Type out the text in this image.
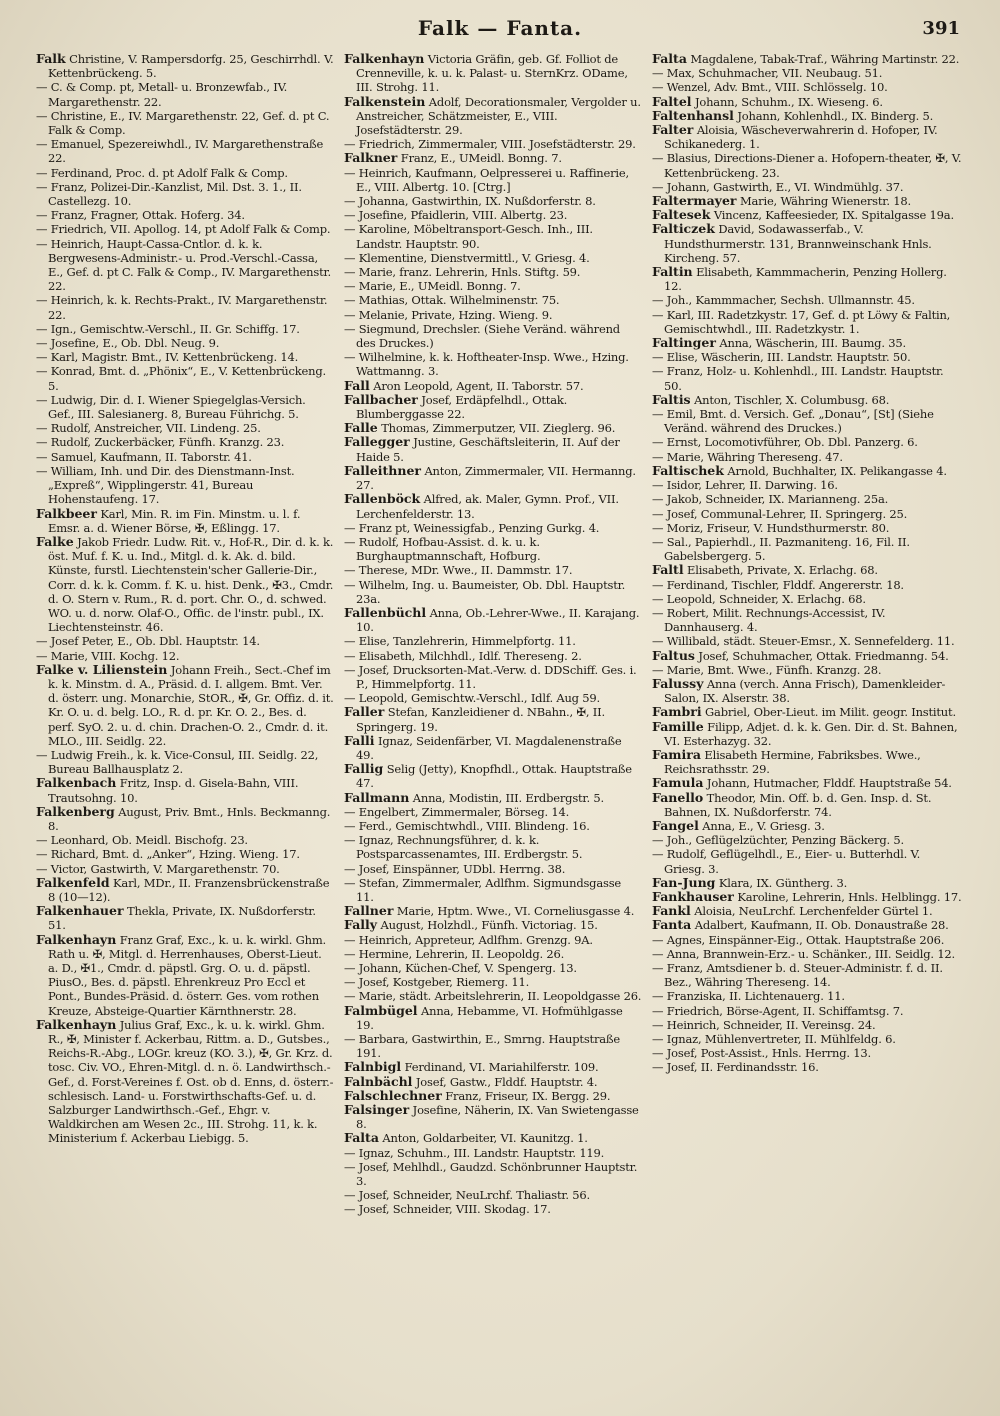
Falk — Fanta.	391

Falk Christine, V. Rampersdorfg. 25, Geschirrhdl. V. Kettenbrückeng. 5.

— C. & Comp. pt, Metall- u. Bronzewfab., IV. Margarethenstr. 22.

— Christine, E., IV. Margarethenstr. 22, Gef. d. pt C. Falk & Comp.

— Emanuel, Spezereiwhdl., IV. Margarethenstraße 22.

— Ferdinand, Proc. d. pt Adolf Falk & Comp.

— Franz, Polizei-Dir.-Kanzlist, Mil. Dst. 3. 1., II. Castellezg. 10.

— Franz, Fragner, Ottak. Hoferg. 34.

— Friedrich, VII. Apollog. 14, pt Adolf Falk & Comp.

— Heinrich, Haupt-Cassa-Cntlor. d. k. k. Bergwesens-Administr.- u. Prod.-Verschl.-Cassa, E., Gef. d. pt C. Falk & Comp., IV. Margarethenstr. 22.

— Heinrich, k. k. Rechts-Prakt., IV. Margarethenstr. 22.

— Ign., Gemischtw.-Verschl., II. Gr. Schiffg. 17.

— Josefine, E., Ob. Dbl. Neug. 9.

— Karl, Magistr. Bmt., IV. Kettenbrückeng. 14.

— Konrad, Bmt. d. „Phönix“, E., V. Kettenbrückeng. 5.

— Ludwig, Dir. d. I. Wiener Spiegelglas-Versich. Gef., III. Salesianerg. 8, Bureau Führichg. 5.

— Rudolf, Anstreicher, VII. Lindeng. 25.

— Rudolf, Zuckerbäcker, Fünfh. Kranzg. 23.

— Samuel, Kaufmann, II. Taborstr. 41.

— William, Inh. und Dir. des Dienstmann-Inst. „Expreß“, Wipplingerstr. 41, Bureau Hohenstaufeng. 17.

Falkbeer Karl, Min. R. im Fin. Minstm. u. l. f. Emsr. a. d. Wiener Börse, ✠, Eßlingg. 17.

Falke Jakob Friedr. Ludw. Rit. v., Hof-R., Dir. d. k. k. öst. Muf. f. K. u. Ind., Mitgl. d. k. Ak. d. bild. Künste, furstl. Liechtenstein'scher Gallerie-Dir., Corr. d. k. k. Comm. f. K. u. hist. Denk., ✠3., Cmdr. d. O. Stern v. Rum., R. d. port. Chr. O., d. schwed. WO. u. d. norw. Olaf-O., Offic. de l'instr. publ., IX. Liechtensteinstr. 46.

— Josef Peter, E., Ob. Dbl. Hauptstr. 14.

— Marie, VIII. Kochg. 12.

Falke v. Lilienstein Johann Freih., Sect.-Chef im k. k. Minstm. d. A., Präsid. d. I. allgem. Bmt. Ver. d. österr. ung. Monarchie, StOR., ✠, Gr. Offiz. d. it. Kr. O. u. d. belg. LO., R. d. pr. Kr. O. 2., Bes. d. perf. SyO. 2. u. d. chin. Drachen-O. 2., Cmdr. d. it. MLO., III. Seidlg. 22.

— Ludwig Freih., k. k. Vice-Consul, III. Seidlg. 22, Bureau Ballhausplatz 2.

Falkenbach Fritz, Insp. d. Gisela-Bahn, VIII. Trautsohng. 10.

Falkenberg August, Priv. Bmt., Hnls. Beckmanng. 8.

— Leonhard, Ob. Meidl. Bischofg. 23.

— Richard, Bmt. d. „Anker“, Hzing. Wieng. 17.

— Victor, Gastwirth, V. Margarethenstr. 70.

Falkenfeld Karl, MDr., II. Franzensbrückenstraße 8 (10—12).

Falkenhauer Thekla, Private, IX. Nußdorferstr. 51.

Falkenhayn Franz Graf, Exc., k. u. k. wirkl. Ghm. Rath u. ✠, Mitgl. d. Herrenhauses, Oberst-Lieut. a. D., ✠1., Cmdr. d. päpstl. Grg. O. u. d. päpstl. PiusO., Bes. d. päpstl. Ehrenkreuz Pro Eccl et Pont., Bundes-Präsid. d. österr. Ges. vom rothen Kreuze, Absteige-Quartier Kärnthnerstr. 28.

Falkenhayn Julius Graf, Exc., k. u. k. wirkl. Ghm. R., ✠, Minister f. Ackerbau, Rittm. a. D., Gutsbes., Reichs-R.-Abg., LOGr. kreuz (KO. 3.), ✠, Gr. Krz. d. tosc. Civ. VO., Ehren-Mitgl. d. n. ö. Landwirthsch.-Gef., d. Forst-Vereines f. Ost. ob d. Enns, d. österr.-schlesisch. Land- u. Forstwirthschafts-Gef. u. d. Salzburger Landwirthsch.-Gef., Ehgr. v. Waldkirchen am Wesen 2c., III. Strohg. 11, k. k. Ministerium f. Ackerbau Liebigg. 5.

Falkenhayn Victoria Gräfin, geb. Gf. Folliot de Crenneville, k. u. k. Palast- u. SternKrz. ODame, III. Strohg. 11.

Falkenstein Adolf, Decorationsmaler, Vergolder u. Anstreicher, Schätzmeister, E., VIII. Josefstädterstr. 29.

— Friedrich, Zimmermaler, VIII. Josefstädterstr. 29.

Falkner Franz, E., UMeidl. Bonng. 7.

— Heinrich, Kaufmann, Oelpresserei u. Raffinerie, E., VIII. Albertg. 10. [Ctrg.]

— Johanna, Gastwirthin, IX. Nußdorferstr. 8.

— Josefine, Pfaidlerin, VIII. Albertg. 23.

— Karoline, Möbeltransport-Gesch. Inh., III. Landstr. Hauptstr. 90.

— Klementine, Dienstvermittl., V. Griesg. 4.

— Marie, franz. Lehrerin, Hnls. Stiftg. 59.

— Marie, E., UMeidl. Bonng. 7.

— Mathias, Ottak. Wilhelminenstr. 75.

— Melanie, Private, Hzing. Wieng. 9.

— Siegmund, Drechsler. (Siehe Veränd. während des Druckes.)

— Wilhelmine, k. k. Hoftheater-Insp. Wwe., Hzing. Wattmanng. 3.

Fall Aron Leopold, Agent, II. Taborstr. 57.

Fallbacher Josef, Erdäpfelhdl., Ottak. Blumberggasse 22.

Falle Thomas, Zimmerputzer, VII. Zieglerg. 96.

Fallegger Justine, Geschäftsleiterin, II. Auf der Haide 5.

Falleithner Anton, Zimmermaler, VII. Hermanng. 27.

Fallenböck Alfred, ak. Maler, Gymn. Prof., VII. Lerchenfelderstr. 13.

— Franz pt, Weinessigfab., Penzing Gurkg. 4.

— Rudolf, Hofbau-Assist. d. k. u. k. Burghauptmannschaft, Hofburg.

— Therese, MDr. Wwe., II. Dammstr. 17.

— Wilhelm, Ing. u. Baumeister, Ob. Dbl. Hauptstr. 23a.

Fallenbüchl Anna, Ob.-Lehrer-Wwe., II. Karajang. 10.

— Elise, Tanzlehrerin, Himmelpfortg. 11.

— Elisabeth, Milchhdl., Idlf. Thereseng. 2.

— Josef, Drucksorten-Mat.-Verw. d. DDSchiff. Ges. i. P., Himmelpfortg. 11.

— Leopold, Gemischtw.-Verschl., Idlf. Aug 59.

Faller Stefan, Kanzleidiener d. NBahn., ✠, II. Springerg. 19.

Falli Ignaz, Seidenfärber, VI. Magdalenenstraße 49.

Fallig Selig (Jetty), Knopfhdl., Ottak. Hauptstraße 47.

Fallmann Anna, Modistin, III. Erdbergstr. 5.

— Engelbert, Zimmermaler, Börseg. 14.

— Ferd., Gemischtwhdl., VIII. Blindeng. 16.

— Ignaz, Rechnungsführer, d. k. k. Postsparcassenamtes, III. Erdbergstr. 5.

— Josef, Einspänner, UDbl. Herrng. 38.

— Stefan, Zimmermaler, Adlfhm. Sigmundsgasse 11.

Fallner Marie, Hptm. Wwe., VI. Corneliusgasse 4.

Fally August, Holzhdl., Fünfh. Victoriag. 15.

— Heinrich, Appreteur, Adlfhm. Grenzg. 9A.

— Hermine, Lehrerin, II. Leopoldg. 26.

— Johann, Küchen-Chef, V. Spengerg. 13.

— Josef, Kostgeber, Riemerg. 11.

— Marie, städt. Arbeitslehrerin, II. Leopoldgasse 26.

Falmbügel Anna, Hebamme, VI. Hofmühlgasse 19.

— Barbara, Gastwirthin, E., Smrng. Hauptstraße 191.

Falnbigl Ferdinand, VI. Mariahilferstr. 109.

Falnbächl Josef, Gastw., Flddf. Hauptstr. 4.

Falschlechner Franz, Friseur, IX. Bergg. 29.

Falsinger Josefine, Näherin, IX. Van Swietengasse 8.

Falta Anton, Goldarbeiter, VI. Kaunitzg. 1.

— Ignaz, Schuhm., III. Landstr. Hauptstr. 119.

— Josef, Mehlhdl., Gaudzd. Schönbrunner Hauptstr. 3.

— Josef, Schneider, NeuLrchf. Thaliastr. 56.

— Josef, Schneider, VIII. Skodag. 17.

Falta Magdalene, Tabak-Traf., Währing Martinstr. 22.

— Max, Schuhmacher, VII. Neubaug. 51.

— Wenzel, Adv. Bmt., VIII. Schlösselg. 10.

Faltel Johann, Schuhm., IX. Wieseng. 6.

Faltenhansl Johann, Kohlenhdl., IX. Binderg. 5.

Falter Aloisia, Wäscheverwahrerin d. Hofoper, IV. Schikanederg. 1.

— Blasius, Directions-Diener a. Hofopern-theater, ✠, V. Kettenbrückeng. 23.

— Johann, Gastwirth, E., VI. Windmühlg. 37.

Faltermayer Marie, Währing Wienerstr. 18.

Faltesek Vincenz, Kaffeesieder, IX. Spitalgasse 19a.

Falticzek David, Sodawasserfab., V. Hundsthurmerstr. 131, Brannweinschank Hnls. Kircheng. 57.

Faltin Elisabeth, Kammmacherin, Penzing Hollerg. 12.

— Joh., Kammmacher, Sechsh. Ullmannstr. 45.

— Karl, III. Radetzkystr. 17, Gef. d. pt Löwy & Faltin, Gemischtwhdl., III. Radetzkystr. 1.

Faltinger Anna, Wäscherin, III. Baumg. 35.

— Elise, Wäscherin, III. Landstr. Hauptstr. 50.

— Franz, Holz- u. Kohlenhdl., III. Landstr. Hauptstr. 50.

Faltis Anton, Tischler, X. Columbusg. 68.

— Emil, Bmt. d. Versich. Gef. „Donau“, [St] (Siehe Veränd. während des Druckes.)

— Ernst, Locomotivführer, Ob. Dbl. Panzerg. 6.

— Marie, Währing Thereseng. 47.

Faltischek Arnold, Buchhalter, IX. Pelikangasse 4.

— Isidor, Lehrer, II. Darwing. 16.

— Jakob, Schneider, IX. Marianneng. 25a.

— Josef, Communal-Lehrer, II. Springerg. 25.

— Moriz, Friseur, V. Hundsthurmerstr. 80.

— Sal., Papierhdl., II. Pazmaniteng. 16, Fil. II. Gabelsbergerg. 5.

Faltl Elisabeth, Private, X. Erlachg. 68.

— Ferdinand, Tischler, Flddf. Angererstr. 18.

— Leopold, Schneider, X. Erlachg. 68.

— Robert, Milit. Rechnungs-Accessist, IV. Dannhauserg. 4.

— Willibald, städt. Steuer-Emsr., X. Sennefelderg. 11.

Faltus Josef, Schuhmacher, Ottak. Friedmanng. 54.

— Marie, Bmt. Wwe., Fünfh. Kranzg. 28.

Falussy Anna (verch. Anna Frisch), Damenkleider-Salon, IX. Alserstr. 38.

Fambri Gabriel, Ober-Lieut. im Milit. geogr. Institut.

Famille Filipp, Adjet. d. k. k. Gen. Dir. d. St. Bahnen, VI. Esterhazyg. 32.

Famira Elisabeth Hermine, Fabriksbes. Wwe., Reichsrathsstr. 29.

Famula Johann, Hutmacher, Flddf. Hauptstraße 54.

Fanello Theodor, Min. Off. b. d. Gen. Insp. d. St. Bahnen, IX. Nußdorferstr. 74.

Fangel Anna, E., V. Griesg. 3.

— Joh., Geflügelzüchter, Penzing Bäckerg. 5.

— Rudolf, Geflügelhdl., E., Eier- u. Butterhdl. V. Griesg. 3.

Fan-Jung Klara, IX. Güntherg. 3.

Fankhauser Karoline, Lehrerin, Hnls. Helblingg. 17.

Fankl Aloisia, NeuLrchf. Lerchenfelder Gürtel 1.

Fanta Adalbert, Kaufmann, II. Ob. Donaustraße 28.

— Agnes, Einspänner-Eig., Ottak. Hauptstraße 206.

— Anna, Brannwein-Erz.- u. Schänker., III. Seidlg. 12.

— Franz, Amtsdiener b. d. Steuer-Administr. f. d. II. Bez., Währing Thereseng. 14.

— Franziska, II. Lichtenauerg. 11.

— Friedrich, Börse-Agent, II. Schiffamtsg. 7.

— Heinrich, Schneider, II. Vereinsg. 24.

— Ignaz, Mühlenvertreter, II. Mühlfeldg. 6.

— Josef, Post-Assist., Hnls. Herrng. 13.

— Josef, II. Ferdinandsstr. 16.
